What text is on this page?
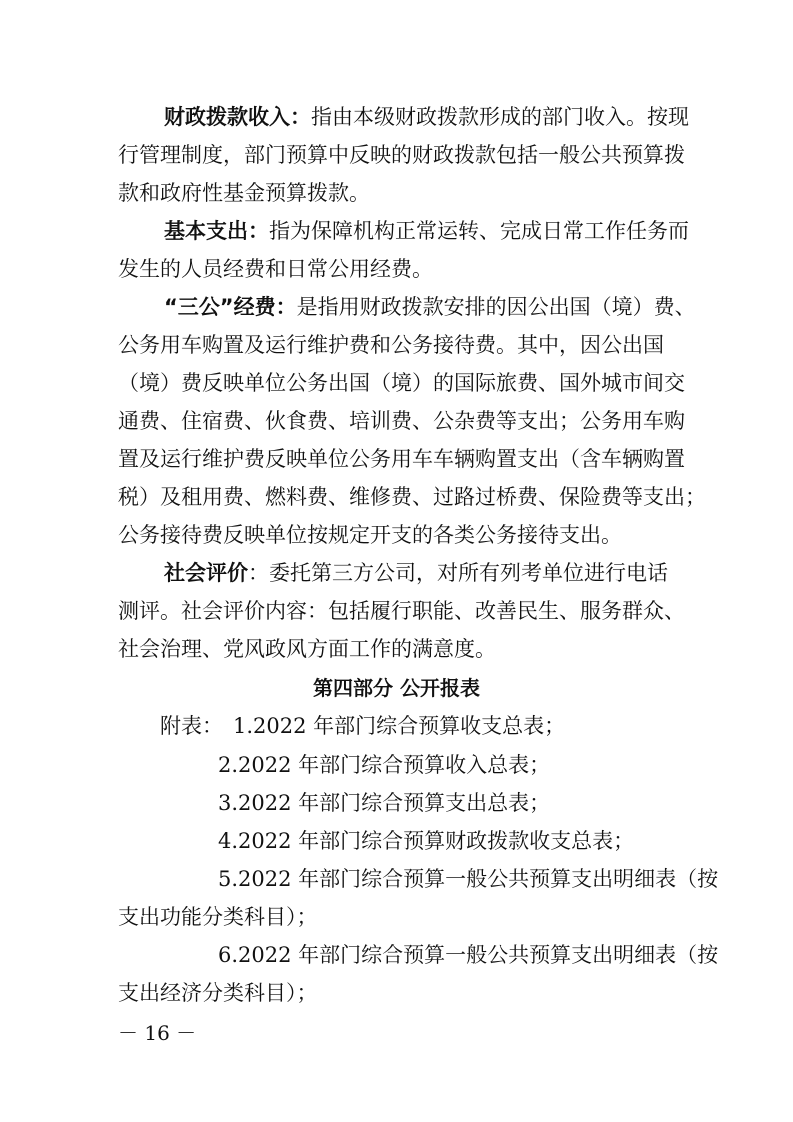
财政拨款收入：指由本级财政拨款形成的部门收入。按现
行管理制度，部门预算中反映的财政拨款包括一般公共预算拨
款和政府性基金预算拨款。
基本支出：指为保障机构正常运转、完成日常工作任务而
发生的人员经费和日常公用经费。
“三公”经费：是指用财政拨款安排的因公出国（境）费、
公务用车购置及运行维护费和公务接待费。其中，因公出国
（境）费反映单位公务出国（境）的国际旅费、国外城市间交
通费、住宿费、伙食费、培训费、公杂费等支出；公务用车购
置及运行维护费反映单位公务用车车辆购置支出（含车辆购置
税）及租用费、燃料费、维修费、过路过桥费、保险费等支出；
公务接待费反映单位按规定开支的各类公务接待支出。
社会评价：委托第三方公司，对所有列考单位进行电话
测评。社会评价内容：包括履行职能、改善民生、服务群众、
社会治理、党风政风方面工作的满意度。
第四部分 公开报表
附表： 1.2022 年部门综合预算收支总表；
2.2022 年部门综合预算收入总表；
3.2022 年部门综合预算支出总表；
4.2022 年部门综合预算财政拨款收支总表；
5.2022 年部门综合预算一般公共预算支出明细表（按
支出功能分类科目）；
6.2022 年部门综合预算一般公共预算支出明细表（按
支出经济分类科目）；
－ 16 －
